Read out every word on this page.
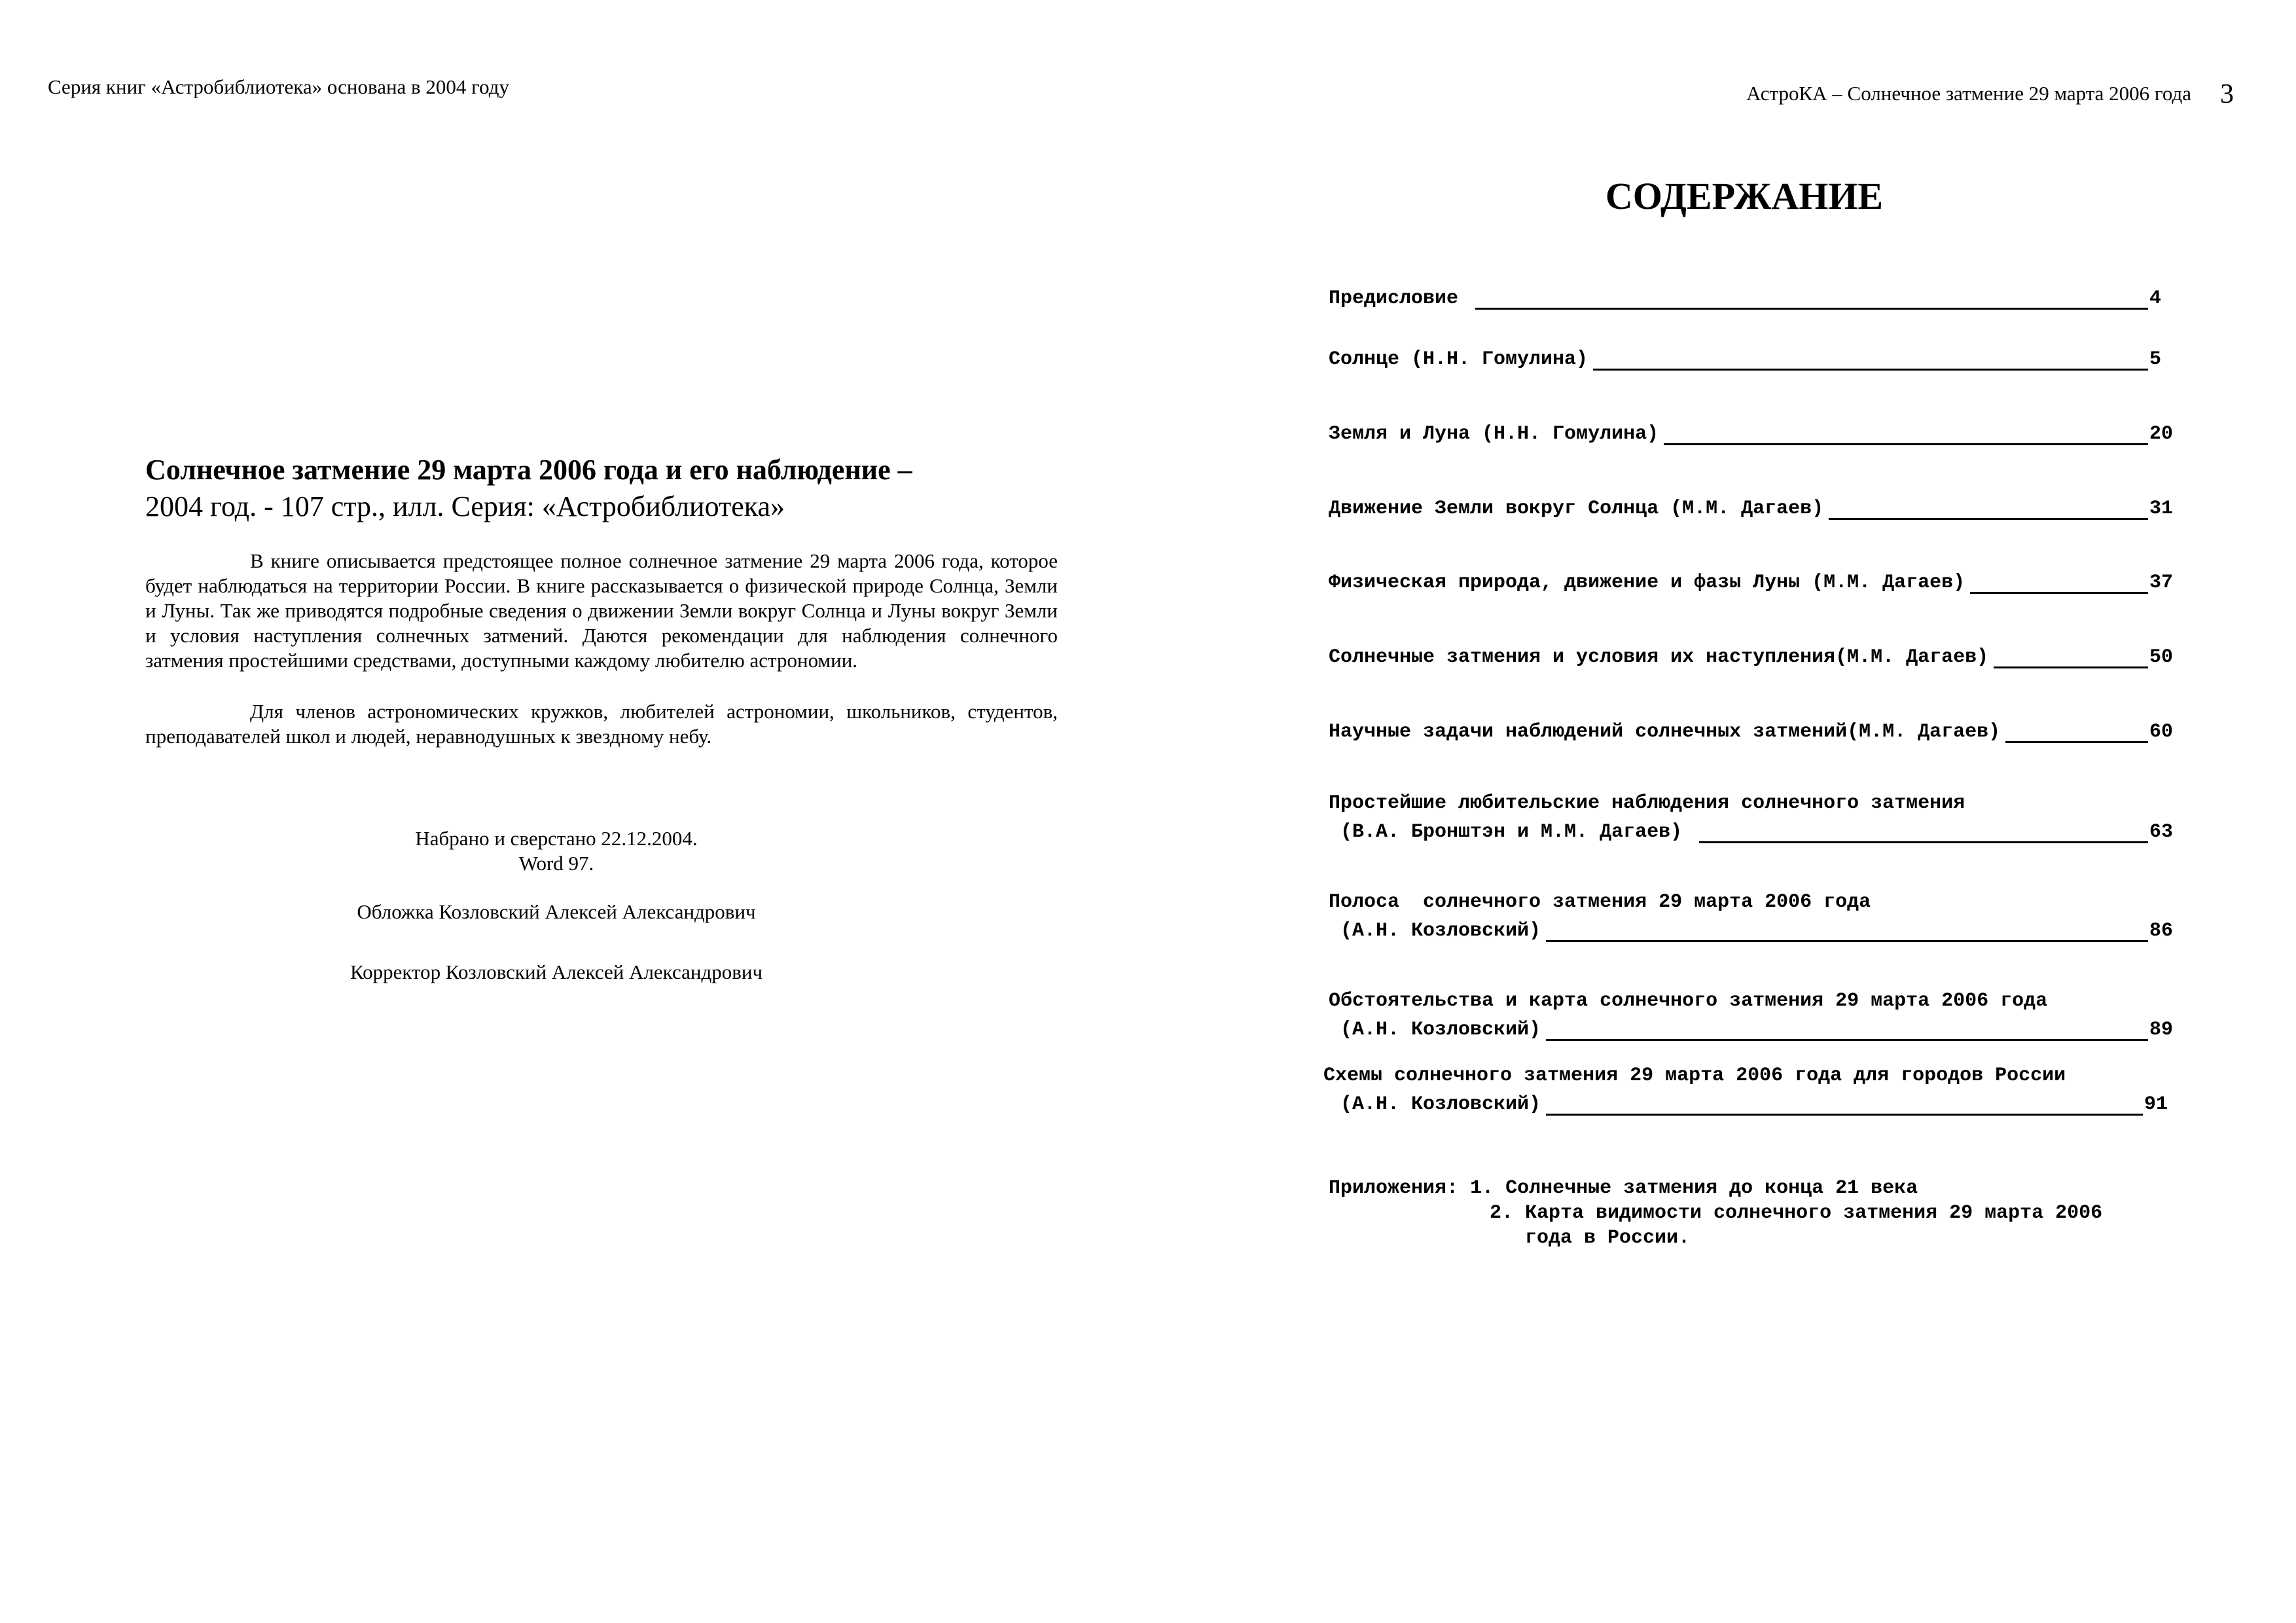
Серия книг «Астробиблиотека» основана в 2004 году
Солнечное затмение 29 марта 2006 года и его наблюдение –
2004 год. - 107 стр., илл. Серия: «Астробиблиотека»

В книге описывается предстоящее полное солнечное затмение 29 марта 2006 года, которое будет наблюдаться на территории России. В книге рассказывается о физической природе Солнца, Земли и Луны. Так же приводятся подробные сведения о движении Земли вокруг Солнца и Луны вокруг Земли и условия наступления солнечных затмений. Даются рекомендации для наблюдения солнечного затмения простейшими средствами, доступными каждому любителю астрономии.

Для членов астрономических кружков, любителей астрономии, школьников, студентов, преподавателей школ и людей, неравнодушных к звездному небу.

Набрано и сверстано 22.12.2004.
Word 97.
Обложка Козловский Алексей Александрович
Корректор Козловский Алексей Александрович
АстроКА – Солнечное затмение 29 марта 2006 года 3
СОДЕРЖАНИЕ
Предисловие	4
Солнце (Н.Н. Гомулина)	5
Земля и Луна (Н.Н. Гомулина)	20
Движение Земли вокруг Солнца (М.М. Дагаев)	31
Физическая природа, движение и фазы Луны (М.М. Дагаев)	37
Солнечные затмения и условия их наступления(М.М. Дагаев)	50
Научные задачи наблюдений солнечных затмений(М.М. Дагаев)	60
Простейшие любительские наблюдения солнечного затмения
(В.А. Бронштэн и М.М. Дагаев)	63
Полоса  солнечного затмения 29 марта 2006 года
(А.Н. Козловский)	86
Обстоятельства и карта солнечного затмения 29 марта 2006 года
(А.Н. Козловский)	89
Схемы солнечного затмения 29 марта 2006 года для городов России
(А.Н. Козловский)	91
Приложения: 1. Солнечные затмения до конца 21 века
2. Карта видимости солнечного затмения 29 марта 2006
года в России.
